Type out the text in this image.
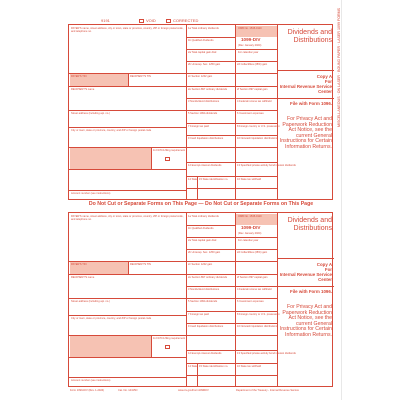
MISCELLANEOUS · ON LASER · BOUND PAPER · LASER 1099 FORMS
9191	VOID	CORRECTED
PAYER'S name, street address, city or town, state or province, country, ZIP or foreign postal code, and telephone no.
PAYER'S TIN	RECIPIENT'S TIN
RECIPIENT'S name
Street address (including apt. no.)
City or town, state or province, country, and ZIP or foreign postal code
11 FATCA filing requirement
Account number (see instructions)
1a Total ordinary dividends
1b Qualified dividends
2a Total capital gain distr.
2b Unrecap. Sec. 1250 gain	2d Collectibles (28%) gain
2c Section 1202 gain
2e Section 897 ordinary dividends	2f Section 897 capital gain
3 Nondividend distributions	4 Federal income tax withheld
5 Section 199A dividends	6 Investment expenses
7 Foreign tax paid	8 Foreign country or U.S. possession
9 Cash liquidation distributions	10 Noncash liquidation distributions
12 Exempt-interest dividends	13 Specified private activity bond interest dividends
14 State 15 State identification no.	16 State tax withheld
OMB No. 1545-0110
1099-DIV
(Rev. January 2024)
For calendar year
Dividends and Distributions
Copy A
For
Internal Revenue Service Center
File with Form 1096.
For Privacy Act and Paperwork Reduction Act Notice, see the current General Instructions for Certain Information Returns.
Do Not Cut or Separate Forms on This Page — Do Not Cut or Separate Forms on This Page
PAYER'S name, street address, city or town, state or province, country, ZIP or foreign postal code, and telephone no.
PAYER'S TIN	RECIPIENT'S TIN
RECIPIENT'S name
Street address (including apt. no.)
City or town, state or province, country, and ZIP or foreign postal code
11 FATCA filing requirement
Account number (see instructions)
1a Total ordinary dividends
1b Qualified dividends
2a Total capital gain distr.
2b Unrecap. Sec. 1250 gain	2d Collectibles (28%) gain
2c Section 1202 gain
2e Section 897 ordinary dividends	2f Section 897 capital gain
3 Nondividend distributions	4 Federal income tax withheld
5 Section 199A dividends	6 Investment expenses
7 Foreign tax paid	8 Foreign country or U.S. possession
9 Cash liquidation distributions	10 Noncash liquidation distributions
12 Exempt-interest dividends	13 Specified private activity bond interest dividends
14 State 15 State identification no.	16 State tax withheld
OMB No. 1545-0110
1099-DIV
(Rev. January 2024)
For calendar year
Dividends and Distributions
Copy A
For
Internal Revenue Service Center
File with Form 1096.
For Privacy Act and Paperwork Reduction Act Notice, see the current General Instructions for Certain Information Returns.
Form 1099-DIV (Rev. 1-2024)	Cat. No. 14415N	www.irs.gov/Form1099DIV	Department of the Treasury - Internal Revenue Service
